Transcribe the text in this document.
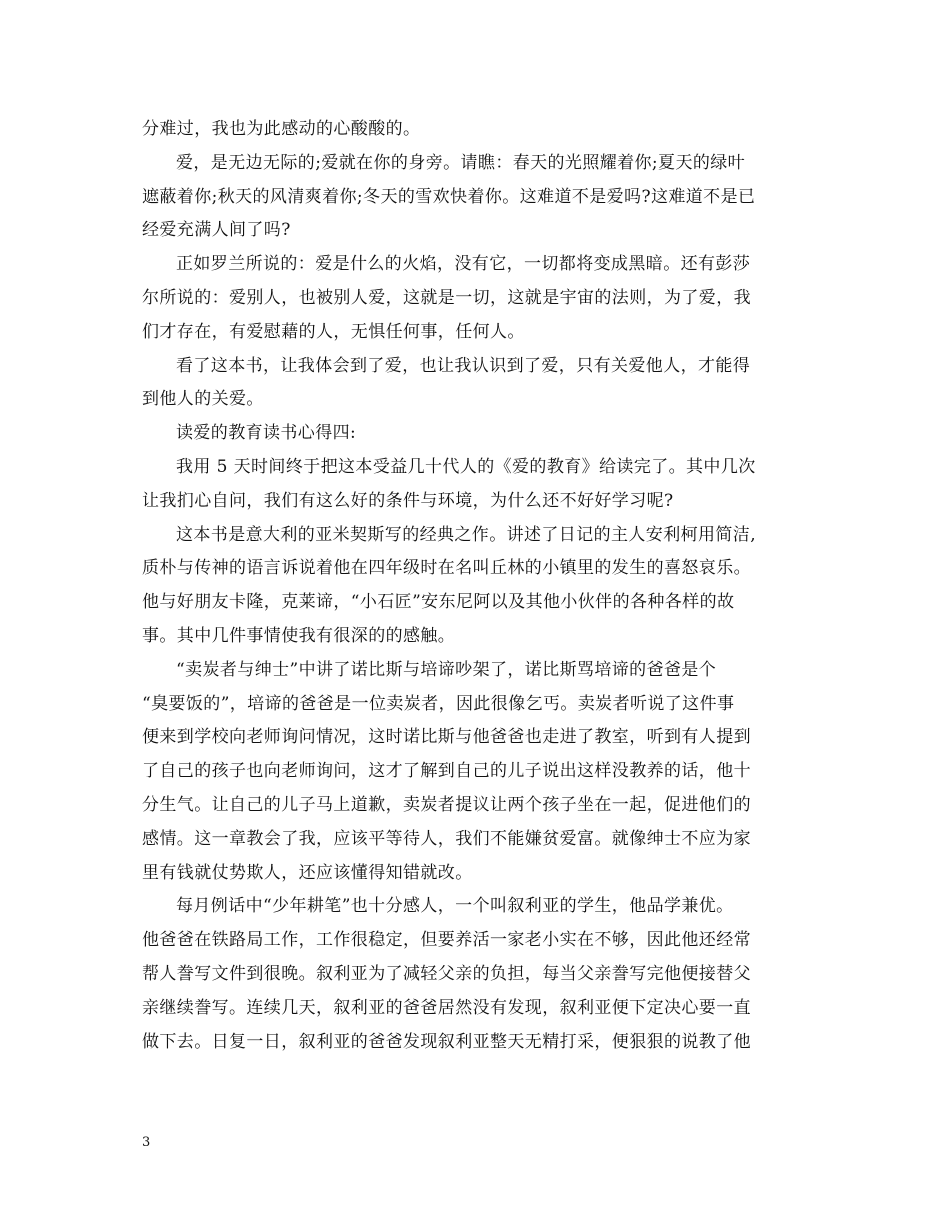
分难过，我也为此感动的心酸酸的。
爱，是无边无际的;爱就在你的身旁。请瞧：春天的光照耀着你;夏天的绿叶
遮蔽着你;秋天的风清爽着你;冬天的雪欢快着你。这难道不是爱吗?这难道不是已
经爱充满人间了吗?
正如罗兰所说的：爱是什么的火焰，没有它，一切都将变成黑暗。还有彭莎
尔所说的：爱别人，也被别人爱，这就是一切，这就是宇宙的法则，为了爱，我
们才存在，有爱慰藉的人，无惧任何事，任何人。
看了这本书，让我体会到了爱，也让我认识到了爱，只有关爱他人，才能得
到他人的关爱。
读爱的教育读书心得四:
我用 5 天时间终于把这本受益几十代人的《爱的教育》给读完了。其中几次
让我扪心自问，我们有这么好的条件与环境，为什么还不好好学习呢?
这本书是意大利的亚米契斯写的经典之作。讲述了日记的主人安利柯用简洁,
质朴与传神的语言诉说着他在四年级时在名叫丘林的小镇里的发生的喜怒哀乐。
他与好朋友卡隆，克莱谛，“小石匠”安东尼阿以及其他小伙伴的各种各样的故
事。其中几件事情使我有很深的的感触。
“卖炭者与绅士”中讲了诺比斯与培谛吵架了，诺比斯骂培谛的爸爸是个
“臭要饭的”，培谛的爸爸是一位卖炭者，因此很像乞丐。卖炭者听说了这件事
便来到学校向老师询问情况，这时诺比斯与他爸爸也走进了教室，听到有人提到
了自己的孩子也向老师询问，这才了解到自己的儿子说出这样没教养的话，他十
分生气。让自己的儿子马上道歉，卖炭者提议让两个孩子坐在一起，促进他们的
感情。这一章教会了我，应该平等待人，我们不能嫌贫爱富。就像绅士不应为家
里有钱就仗势欺人，还应该懂得知错就改。
每月例话中“少年耕笔”也十分感人，一个叫叙利亚的学生，他品学兼优。
他爸爸在铁路局工作，工作很稳定，但要养活一家老小实在不够，因此他还经常
帮人誊写文件到很晚。叙利亚为了减轻父亲的负担，每当父亲誊写完他便接替父
亲继续誊写。连续几天，叙利亚的爸爸居然没有发现，叙利亚便下定决心要一直
做下去。日复一日，叙利亚的爸爸发现叙利亚整天无精打采，便狠狠的说教了他
3
